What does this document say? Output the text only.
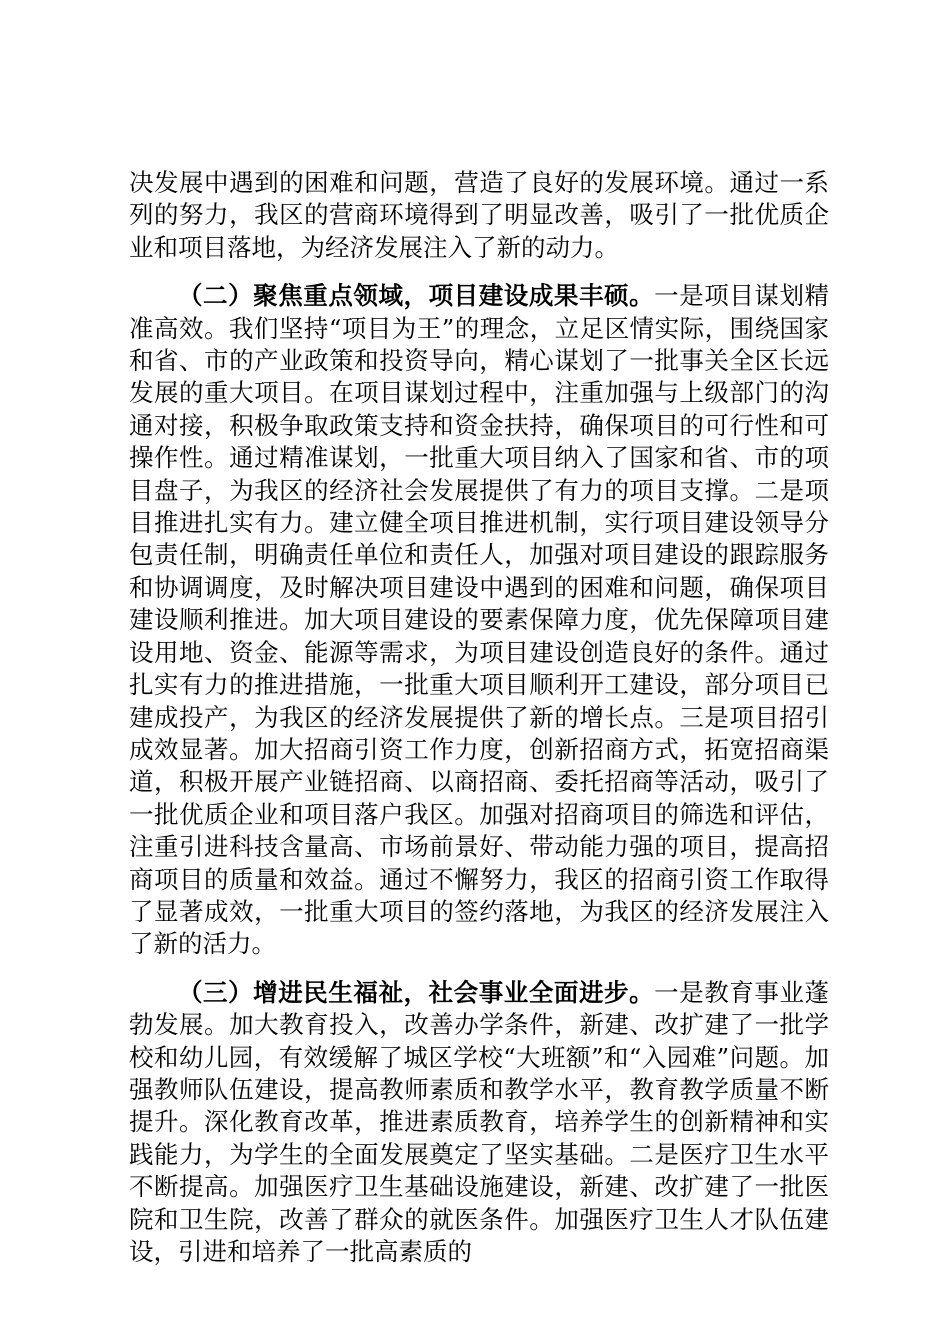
决发展中遇到的困难和问题，营造了良好的发展环境。通过一系列的努力，我区的营商环境得到了明显改善，吸引了一批优质企业和项目落地，为经济发展注入了新的动力。

（二）聚焦重点领域，项目建设成果丰硕。一是项目谋划精准高效。我们坚持“项目为王”的理念，立足区情实际，围绕国家和省、市的产业政策和投资导向，精心谋划了一批事关全区长远发展的重大项目。在项目谋划过程中，注重加强与上级部门的沟通对接，积极争取政策支持和资金扶持，确保项目的可行性和可操作性。通过精准谋划，一批重大项目纳入了国家和省、市的项目盘子，为我区的经济社会发展提供了有力的项目支撑。二是项目推进扎实有力。建立健全项目推进机制，实行项目建设领导分包责任制，明确责任单位和责任人，加强对项目建设的跟踪服务和协调调度，及时解决项目建设中遇到的困难和问题，确保项目建设顺利推进。加大项目建设的要素保障力度，优先保障项目建设用地、资金、能源等需求，为项目建设创造良好的条件。通过扎实有力的推进措施，一批重大项目顺利开工建设，部分项目已建成投产，为我区的经济发展提供了新的增长点。三是项目招引成效显著。加大招商引资工作力度，创新招商方式，拓宽招商渠道，积极开展产业链招商、以商招商、委托招商等活动，吸引了一批优质企业和项目落户我区。加强对招商项目的筛选和评估，注重引进科技含量高、市场前景好、带动能力强的项目，提高招商项目的质量和效益。通过不懈努力，我区的招商引资工作取得了显著成效，一批重大项目的签约落地，为我区的经济发展注入了新的活力。

（三）增进民生福祉，社会事业全面进步。一是教育事业蓬勃发展。加大教育投入，改善办学条件，新建、改扩建了一批学校和幼儿园，有效缓解了城区学校“大班额”和“入园难”问题。加强教师队伍建设，提高教师素质和教学水平，教育教学质量不断提升。深化教育改革，推进素质教育，培养学生的创新精神和实践能力，为学生的全面发展奠定了坚实基础。二是医疗卫生水平不断提高。加强医疗卫生基础设施建设，新建、改扩建了一批医院和卫生院，改善了群众的就医条件。加强医疗卫生人才队伍建设，引进和培养了一批高素质的
